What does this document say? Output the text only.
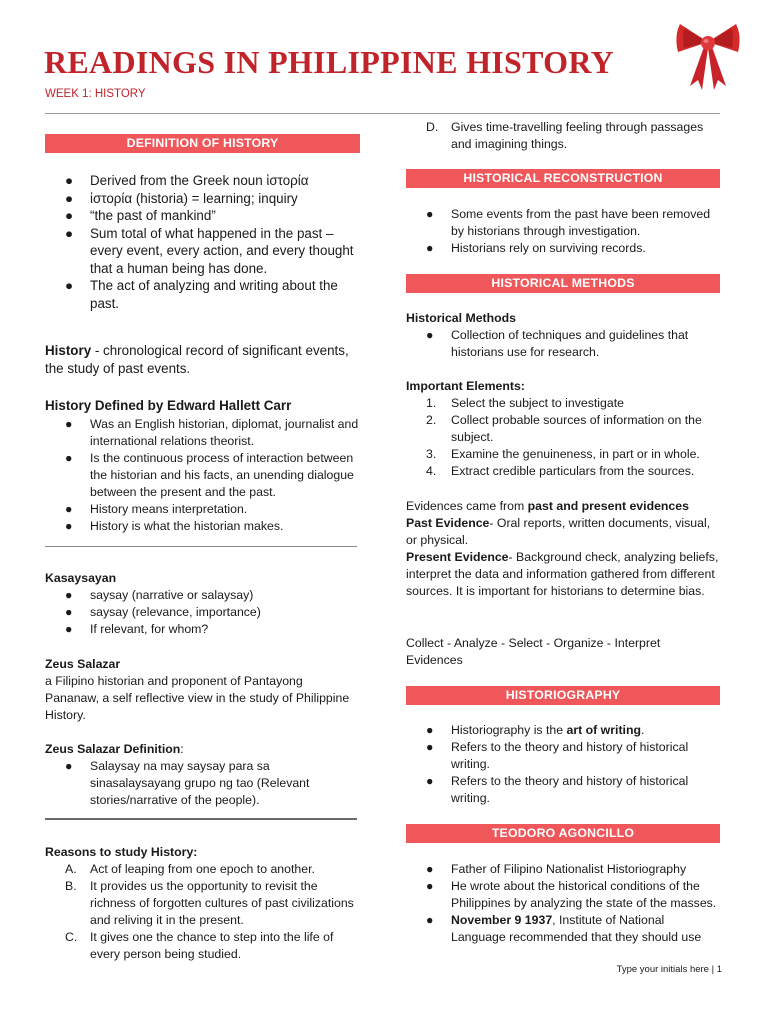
READINGS IN PHILIPPINE HISTORY
WEEK 1: HISTORY
DEFINITION OF HISTORY
●	Derived from the Greek noun ἱστορία
●	ἱστορία (historia) = learning; inquiry
●	“the past of mankind”
●	Sum total of what happened in the past – every event, every action, and every thought that a human being has done.
●	The act of analyzing and writing about the past.

History - chronological record of significant events, the study of past events.

History Defined by Edward Hallett Carr

●	Was an English historian, diplomat, journalist and international relations theorist.
●	Is the continuous process of interaction between the historian and his facts, an unending dialogue between the present and the past.
●	History means interpretation.
●	History is what the historian makes.

Kasaysayan

●	saysay (narrative or salaysay)
●	saysay (relevance, importance)
●	If relevant, for whom?

Zeus Salazar

a Filipino historian and proponent of Pantayong Pananaw, a self reflective view in the study of Philippine History.

Zeus Salazar Definition:

●	Salaysay na may saysay para sa sinasalaysayang grupo ng tao (Relevant stories/narrative of the people).

Reasons to study History:

A.	Act of leaping from one epoch to another.
B.	It provides us the opportunity to revisit the richness of forgotten cultures of past civilizations and reliving it in the present.
C.	It gives one the chance to step into the life of every person being studied.
D.	Gives time-travelling feeling through passages and imagining things.
HISTORICAL RECONSTRUCTION
●	Some events from the past have been removed by historians through investigation.
●	Historians rely on surviving records.
HISTORICAL METHODS

Historical Methods

●	Collection of techniques and guidelines that historians use for research.

Important Elements:

1.	Select the subject to investigate
2.	Collect probable sources of information on the subject.
3.	Examine the genuineness, in part or in whole.
4.	Extract credible particulars from the sources.

Evidences came from past and present evidences

Past Evidence- Oral reports, written documents, visual, or physical.

Present Evidence- Background check, analyzing beliefs, interpret the data and information gathered from different sources. It is important for historians to determine bias.

Collect - Analyze - Select - Organize - Interpret Evidences

HISTORIOGRAPHY
●	Historiography is the art of writing.
●	Refers to the theory and history of historical writing.
●	Refers to the theory and history of historical writing.
TEODORO AGONCILLO
●	Father of Filipino Nationalist Historiography
●	He wrote about the historical conditions of the Philippines by analyzing the state of the masses.
●	November 9 1937, Institute of National Language recommended that they should use
Type your initials here | 1
